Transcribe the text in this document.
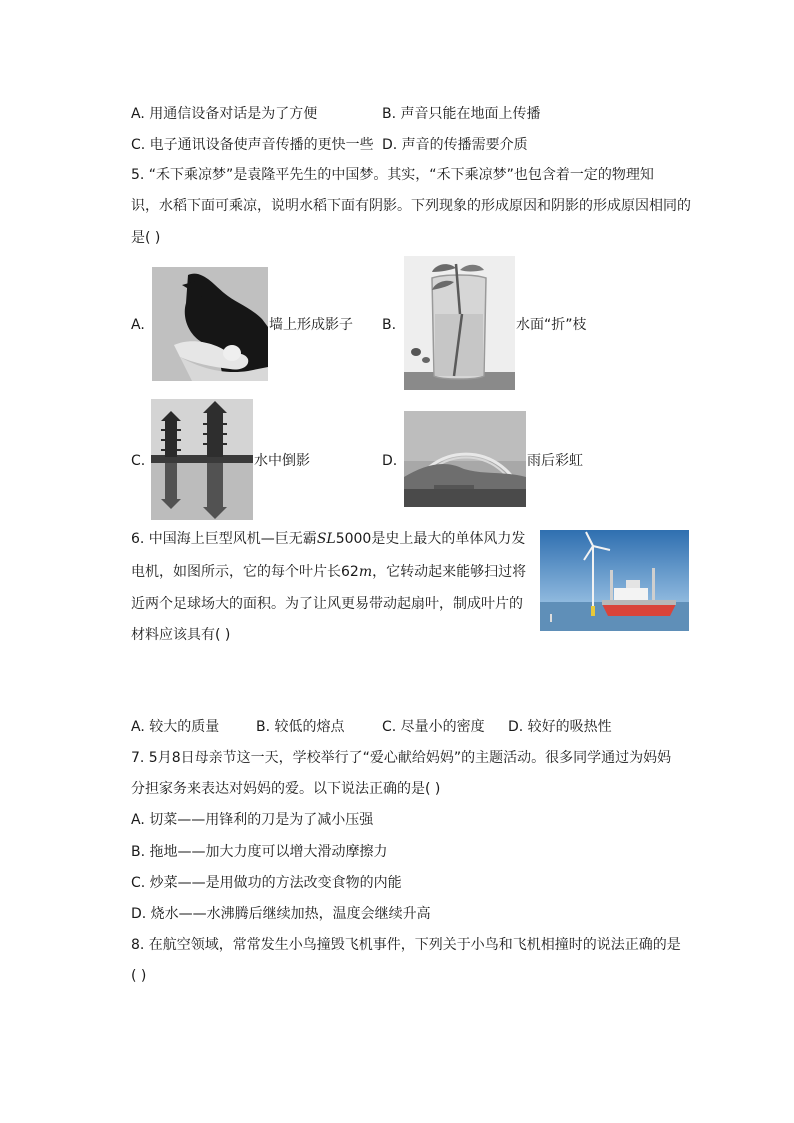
A. 用通信设备对话是为了方便	B. 声音只能在地面上传播
C. 电子通讯设备使声音传播的更快一些 D. 声音的传播需要介质
5. “禾下乘凉梦”是袁隆平先生的中国梦。其实，“禾下乘凉梦”也包含着一定的物理知
识，水稻下面可乘凉，说明水稻下面有阴影。下列现象的形成原因和阴影的形成原因相同的
是( )
A.	墙上形成影子 B.	水面“折”枝
C.	水中倒影	D.	雨后彩虹
6. 中国海上巨型风机—巨无霸SL5000是史上最大的单体风力发
电机，如图所示，它的每个叶片长62m，它转动起来能够扫过将
近两个足球场大的面积。为了让风更易带动起扇叶，制成叶片的
材料应该具有( )
A. 较大的质量	B. 较低的熔点	C. 尽量小的密度 D. 较好的吸热性
7. 5月8日母亲节这一天，学校举行了“爱心献给妈妈”的主题活动。很多同学通过为妈妈
分担家务来表达对妈妈的爱。以下说法正确的是( )
A. 切菜——用锋利的刀是为了减小压强
B. 拖地——加大力度可以增大滑动摩擦力
C. 炒菜——是用做功的方法改变食物的内能
D. 烧水——水沸腾后继续加热，温度会继续升高
8. 在航空领域，常常发生小鸟撞毁飞机事件，下列关于小鸟和飞机相撞时的说法正确的是
( )
